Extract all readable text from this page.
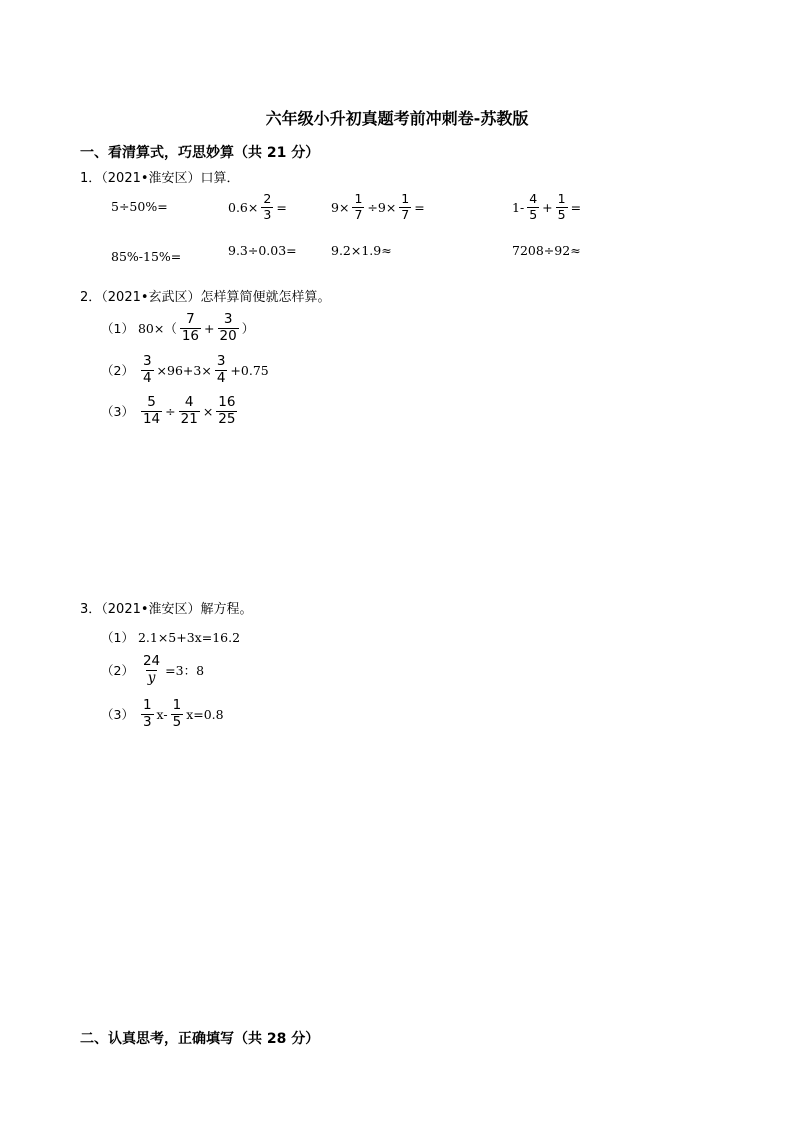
六年级小升初真题考前冲刺卷-苏教版
一、看清算式，巧思妙算（共 21 分）
1．（2021•淮安区）口算．
5÷50%=	$0.6\times \frac{2}{3}$ =	$9\times \frac{1}{7} \div 9\times \frac{1}{7}$ =	$1- \frac{4}{5} + \frac{1}{5}$ =
85%-15%=	9.3÷0.03=	9.2×1.9≈	7208÷92≈
2．（2021•玄武区）怎样算简便就怎样算。
（1） $80\times( \frac{7}{16} + \frac{3}{20}$ ）
$(2) \frac{3}{4} \times 96+3\times \frac{3}{4} +0.75$
$(3) \frac{5}{14} \div \frac{4}{21} \times \frac{16}{25}$
3．（2021•淮安区）解方程。
（1） 2.1×5+3x=16.2
$(2) \frac{24}{y} =3$：8
$(3) \frac{1}{3} x- \frac{1}{5} x=0.8$
二、认真思考，正确填写（共 28 分）
